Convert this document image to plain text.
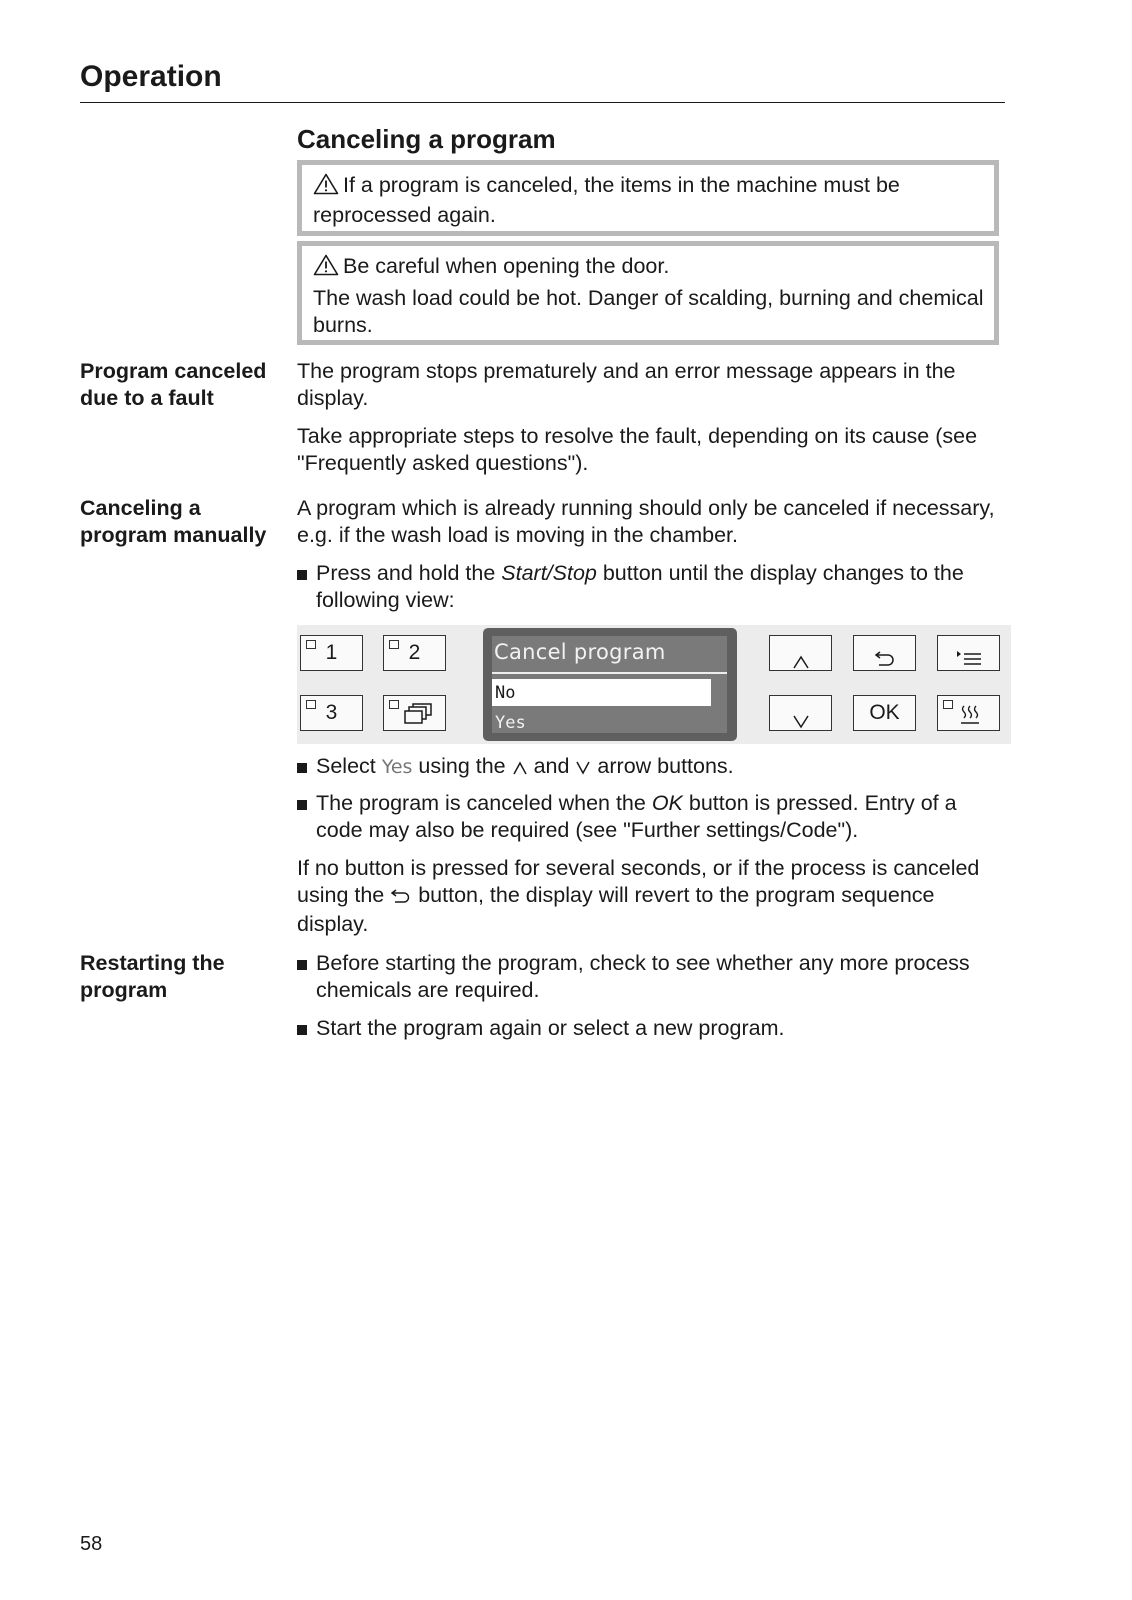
Operation
Canceling a program
If a program is canceled, the items in the machine must be reprocessed again.
Be careful when opening the door.
The wash load could be hot. Danger of scalding, burning and chemical burns.
Program canceled
due to a fault
The program stops prematurely and an error message appears in the display.
Take appropriate steps to resolve the fault, depending on its cause (see "Frequently asked questions").
Canceling a
program manually
A program which is already running should only be canceled if necessary, e.g. if the wash load is moving in the chamber.
Press and hold the Start/Stop button until the display changes to the following view:
1	2
3
Cancel program
No
Yes	OK
Select Yes using the  and  arrow buttons.
The program is canceled when the OK button is pressed. Entry of a code may also be required (see "Further settings/Code").
If no button is pressed for several seconds, or if the process is canceled using the  button, the display will revert to the program sequence display.
Restarting the
program
Before starting the program, check to see whether any more process chemicals are required.
Start the program again or select a new program.
58
